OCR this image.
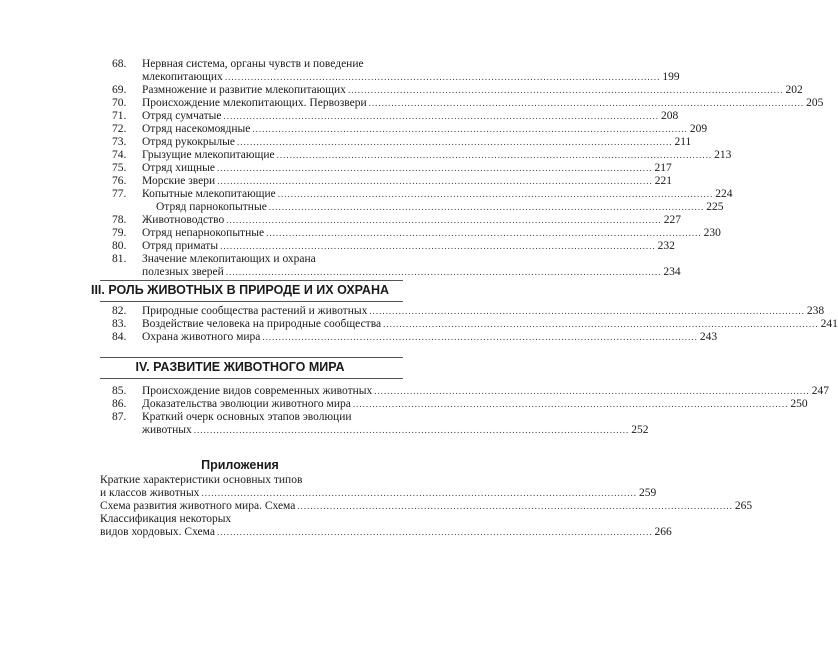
68.	Нервная система, органы чувств и поведение
млекопитающих .....	199
69.	Размножение и развитие млекопитающих .....	202
70.	Происхождение млекопитающих. Первозвери .....	205
71.	Отряд сумчатые .....	208
72.	Отряд насекомоядные .....	209
73.	Отряд рукокрылые .....	211
74.	Грызущие млекопитающие .....	213
75.	Отряд хищные .....	217
76.	Морские звери .....	221
77.	Копытные млекопитающие .....	224
Отряд парнокопытные .....	225
78.	Животноводство .....	227
79.	Отряд непарнокопытные .....	230
80.	Отряд приматы .....	232
81.	Значение млекопитающих и охрана
полезных зверей .....	234
III. РОЛЬ ЖИВОТНЫХ В ПРИРОДЕ И ИХ ОХРАНА
82.	Природные сообщества растений и животных .....	238
83.	Воздействие человека на природные сообщества .....	241
84.	Охрана животного мира .....	243
IV. РАЗВИТИЕ ЖИВОТНОГО МИРА
85.	Происхождение видов современных животных .....	247
86.	Доказательства эволюции животного мира .....	250
87.	Краткий очерк основных этапов эволюции
животных .....	252
Приложения
Краткие характеристики основных типов
и классов животных .....	259
Схема развития животного мира. Схема .....	265
Классификация некоторых
видов хордовых. Схема .....	266
